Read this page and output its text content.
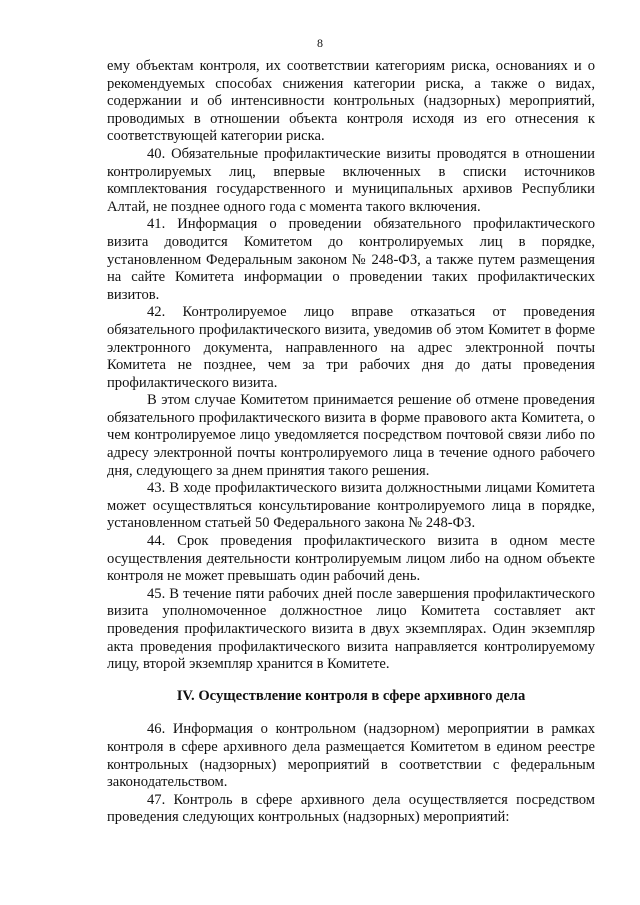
8

ему объектам контроля, их соответствии категориям риска, основаниях и о рекомендуемых способах снижения категории риска, а также о видах, содержании и об интенсивности контрольных (надзорных) мероприятий, проводимых в отношении объекта контроля исходя из его отнесения к соответствующей категории риска.

40. Обязательные профилактические визиты проводятся в отношении контролируемых лиц, впервые включенных в списки источников комплектования государственного и муниципальных архивов Республики Алтай, не позднее одного года с момента такого включения.

41. Информация о проведении обязательного профилактического визита доводится Комитетом до контролируемых лиц в порядке, установленном Федеральным законом № 248-ФЗ, а также путем размещения на сайте Комитета информации о проведении таких профилактических визитов.

42. Контролируемое лицо вправе отказаться от проведения обязательного профилактического визита, уведомив об этом Комитет в форме электронного документа, направленного на адрес электронной почты Комитета не позднее, чем за три рабочих дня до даты проведения профилактического визита.

В этом случае Комитетом принимается решение об отмене проведения обязательного профилактического визита в форме правового акта Комитета, о чем контролируемое лицо уведомляется посредством почтовой связи либо по адресу электронной почты контролируемого лица в течение одного рабочего дня, следующего за днем принятия такого решения.

43. В ходе профилактического визита должностными лицами Комитета может осуществляться консультирование контролируемого лица в порядке, установленном статьей 50 Федерального закона № 248-ФЗ.

44. Срок проведения профилактического визита в одном месте осуществления деятельности контролируемым лицом либо на одном объекте контроля не может превышать один рабочий день.

45. В течение пяти рабочих дней после завершения профилактического визита уполномоченное должностное лицо Комитета составляет акт проведения профилактического визита в двух экземплярах. Один экземпляр акта проведения профилактического визита направляется контролируемому лицу, второй экземпляр хранится в Комитете.

IV. Осуществление контроля в сфере архивного дела

46. Информация о контрольном (надзорном) мероприятии в рамках контроля в сфере архивного дела размещается Комитетом в едином реестре контрольных (надзорных) мероприятий в соответствии с федеральным законодательством.

47. Контроль в сфере архивного дела осуществляется посредством проведения следующих контрольных (надзорных) мероприятий:
